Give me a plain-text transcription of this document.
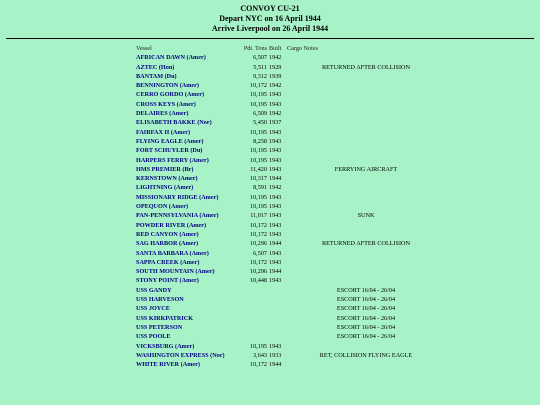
CONVOY CU-21
Depart NYC on 16 April 1944
Arrive Liverpool on 26 April 1944
Vessel	Pdt. Tons Built Cargo Notes
AFRICAN DAWN (Amer)	6,507 1942
AZTEC (Hon)	5,511 1929	RETURNED AFTER COLLISION
BANTAM (Du)	9,312 1939
BENNINGTON (Amer)	10,172 1942
CERRO GORDO (Amer)	10,195 1943
CROSS KEYS (Amer)	10,195 1943
DELAIRES (Amer)	6,509 1942
ELISABETH BAKKE (Nor)	5,450 1937
FAIRFAX II (Amer)	10,195 1943
FLYING EAGLE (Amer)	8,258 1943
FORT SCHUYLER (Du)	10,195 1943
HARPERS FERRY (Amer)	10,195 1943
HMS PREMIER (Br)	11,420 1943	FERRYING AIRCRAFT
KERNSTOWN (Amer)	10,317 1944
LIGHTNING (Amer)	8,591 1942
MISSIONARY RIDGE (Amer)	10,195 1943
OPEQUON (Amer)	10,195 1943
PAN-PENNSYLVANIA (Amer)	11,017 1943	SUNK
POWDER RIVER (Amer)	10,172 1943
RED CANYON (Amer)	10,172 1943
SAG HARBOR (Amer)	10,296 1944	RETURNED AFTER COLLISION
SANTA BARBARA (Amer)	6,507 1943
SAPPA CREEK (Amer)	10,172 1943
SOUTH MOUNTAIN (Amer)	10,296 1944
STONY POINT (Amer)	10,448 1943
USS GANDY	ESCORT 16/04 - 26/04
USS HARVESON	ESCORT 16/04 - 26/04
USS JOYCE	ESCORT 16/04 - 26/04
USS KIRKPATRICK	ESCORT 16/04 - 26/04
USS PETERSON	ESCORT 16/04 - 26/04
USS POOLE	ESCORT 16/04 - 26/04
VICKSBURG (Amer)	10,195 1943
WASHINGTON EXPRESS (Nor)	3,643 1933	RET, COLLISION FLYING EAGLE
WHITE RIVER (Amer)	10,172 1944
